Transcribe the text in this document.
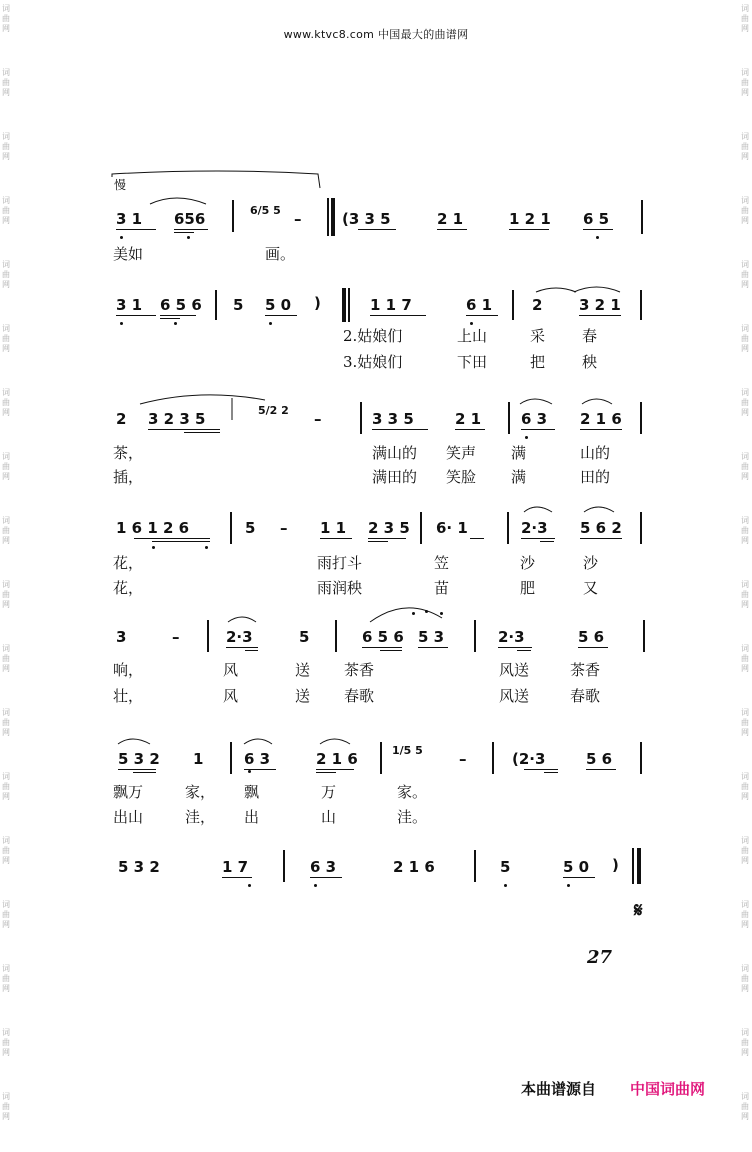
www.ktvc8.com 中国最大的曲谱网
词曲网
词曲网
词曲网
词曲网
词曲网
词曲网
词曲网
词曲网
词曲网
词曲网
词曲网
词曲网
词曲网
词曲网
词曲网
词曲网
词曲网
词曲网
词曲网
词曲网
词曲网
词曲网
词曲网
词曲网
词曲网
词曲网
词曲网
词曲网
词曲网
词曲网
词曲网
词曲网
词曲网
词曲网
词曲网
词曲网
慢
3 1 656	6/5 5 –	(3 3 5	2 1	1 2 1 6 5
美如	画。
3 1 6 5 6 5 5 0 )	1 1 7	6 1	2 3 2 1
2.姑娘们	上山	采 春
3.姑娘们	下田	把 秧
2 3 2 3 5	5/2 2 –	3 3 5	2 1	6 3 2 1 6
茶，	满山的 笑声 满	山的
插，	满田的 笑脸 满	田的
1 6 1 2 6	5 – 1 1 2 3 5 6· 1	2·3 5 6 2
花，	雨打斗	笠	沙	沙
花，	雨润秧	苗	肥	又
3	–	2·3	5	6 5 6 5 3	2·3	5 6
响，	风	送 茶香	风送	茶香
壮，	风	送 春歌	风送	春歌
5 3 2 1	6 3	2 1 6	1/5 5 –	(2·3	5 6
飘万	家， 飘	万	家。
出山	洼， 出	山	洼。
5 3 2	1 7	6 3	2 1 6	5	5 0 )
𝄋
27
本曲谱源自 中国词曲网
